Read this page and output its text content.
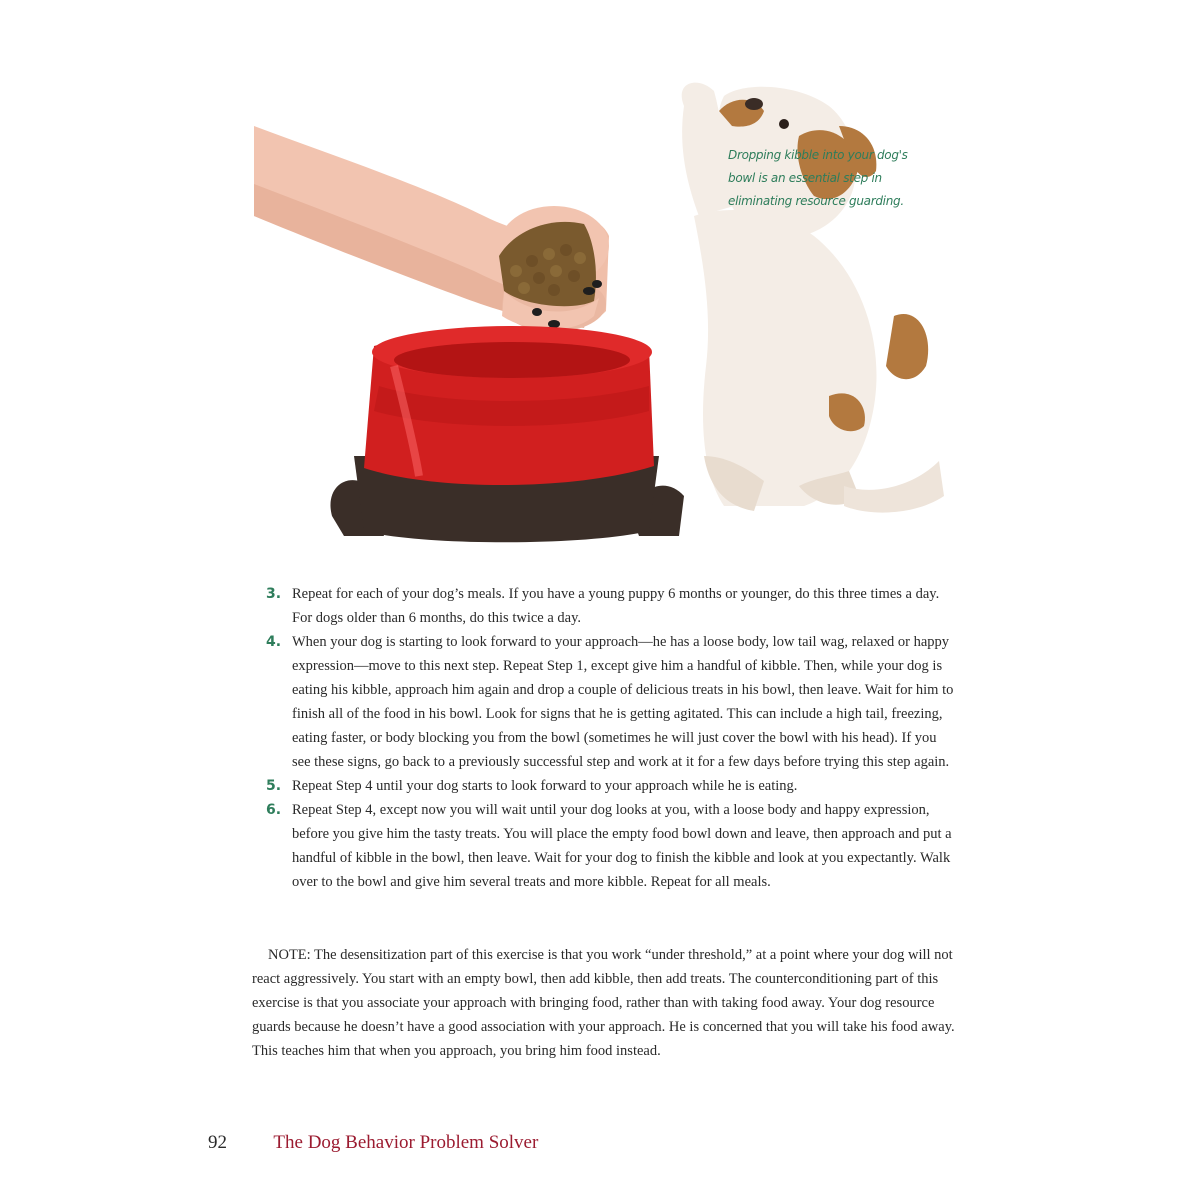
Dropping kibble into your dog's bowl is an essential step in eliminating resource guarding.
3. Repeat for each of your dog’s meals. If you have a young puppy 6 months or younger, do this three times a day. For dogs older than 6 months, do this twice a day.
4. When your dog is starting to look forward to your approach—he has a loose body, low tail wag, relaxed or happy expression—move to this next step. Repeat Step 1, except give him a handful of kibble. Then, while your dog is eating his kibble, approach him again and drop a couple of delicious treats in his bowl, then leave. Wait for him to finish all of the food in his bowl. Look for signs that he is getting agitated. This can include a high tail, freezing, eating faster, or body blocking you from the bowl (sometimes he will just cover the bowl with his head). If you see these signs, go back to a previously successful step and work at it for a few days before trying this step again.
5. Repeat Step 4 until your dog starts to look forward to your approach while he is eating.
6. Repeat Step 4, except now you will wait until your dog looks at you, with a loose body and happy expression, before you give him the tasty treats. You will place the empty food bowl down and leave, then approach and put a handful of kibble in the bowl, then leave. Wait for your dog to finish the kibble and look at you expectantly. Walk over to the bowl and give him several treats and more kibble. Repeat for all meals.

NOTE: The desensitization part of this exercise is that you work “under threshold,” at a point where your dog will not react aggressively. You start with an empty bowl, then add kibble, then add treats. The counterconditioning part of this exercise is that you associate your approach with bringing food, rather than with taking food away. Your dog resource guards because he doesn’t have a good association with your approach. He is concerned that you will take his food away. This teaches him that when you approach, you bring him food instead.

92 The Dog Behavior Problem Solver
